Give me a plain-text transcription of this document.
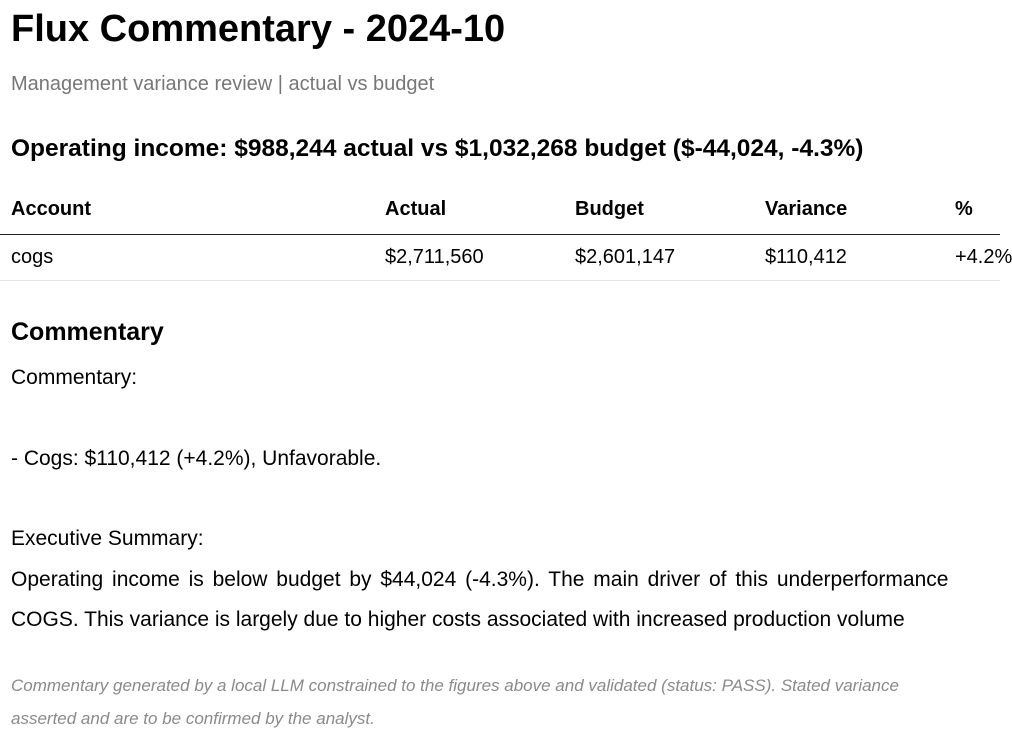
Flux Commentary - 2024-10
Management variance review | actual vs budget
Operating income: $988,244 actual vs $1,032,268 budget ($-44,024, -4.3%)
Account	Actual	Budget	Variance	%
cogs	$2,711,560	$2,601,147	$110,412	+4.2%
Commentary
Commentary:
- Cogs: $110,412 (+4.2%), Unfavorable.
Executive Summary:
Operating income is below budget by $44,024 (-4.3%). The main driver of this underperformance
COGS. This variance is largely due to higher costs associated with increased production volume
Commentary generated by a local LLM constrained to the figures above and validated (status: PASS). Stated variance
asserted and are to be confirmed by the analyst.
